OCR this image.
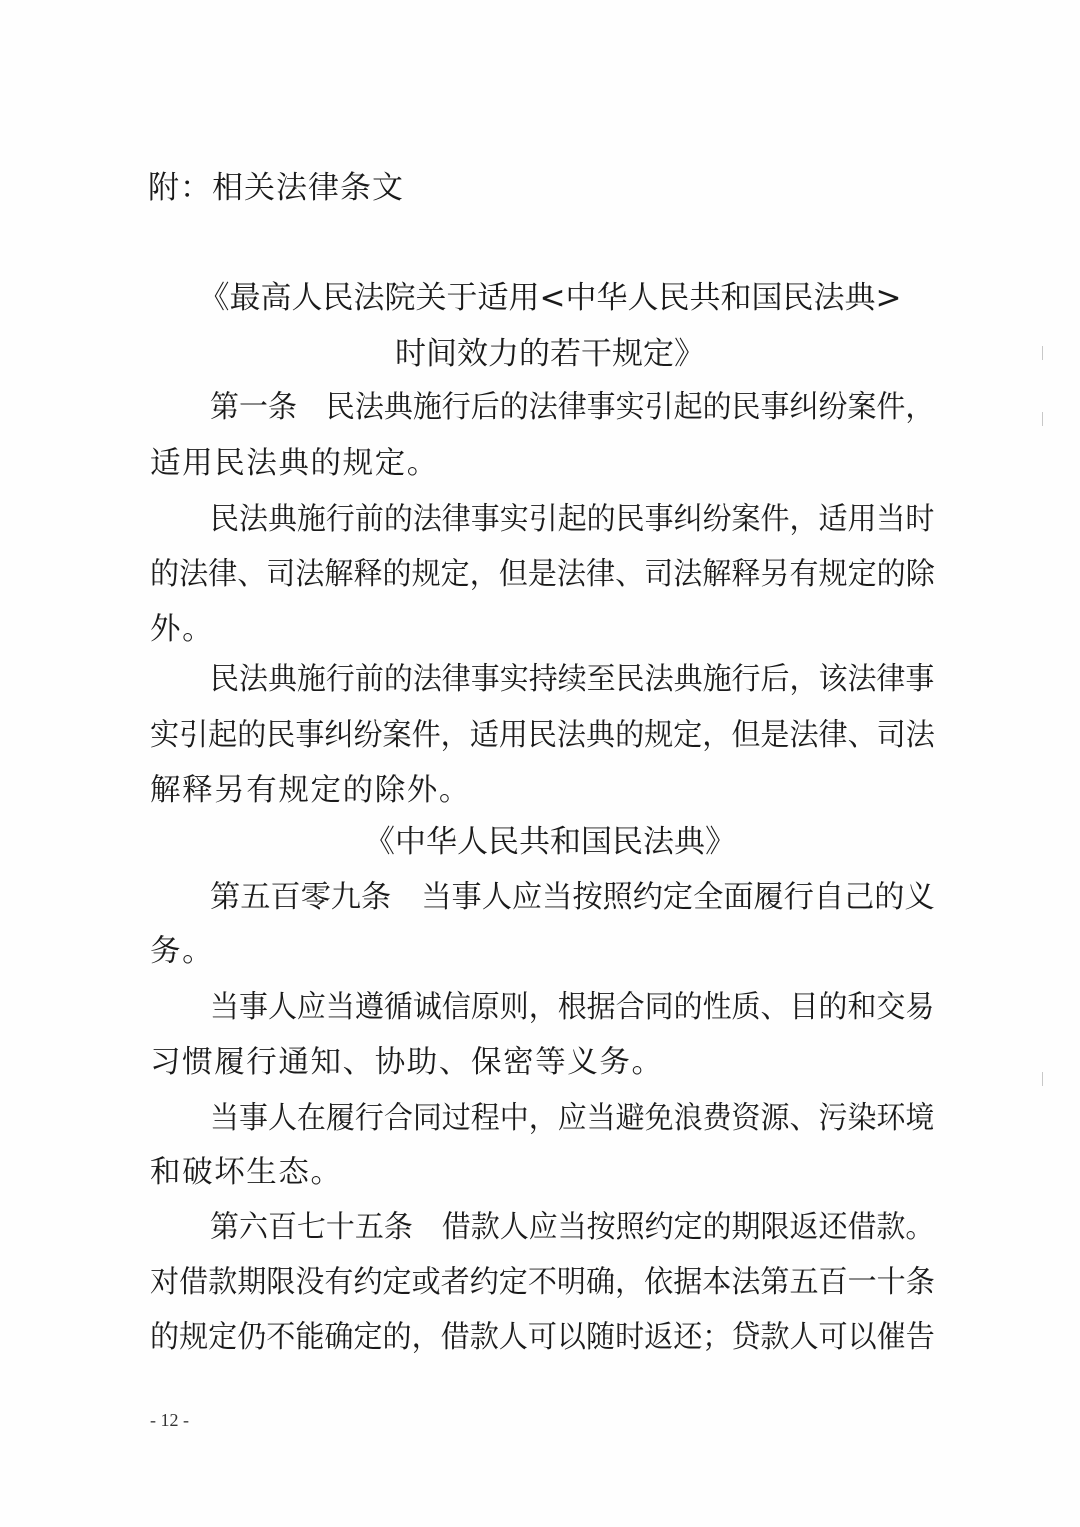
附：相关法律条文
《最高人民法院关于适用<中华人民共和国民法典>
时间效力的若干规定》
第一条　民法典施行后的法律事实引起的民事纠纷案件，
适用民法典的规定。
民法典施行前的法律事实引起的民事纠纷案件，适用当时
的法律、司法解释的规定，但是法律、司法解释另有规定的除
外。
民法典施行前的法律事实持续至民法典施行后，该法律事
实引起的民事纠纷案件，适用民法典的规定，但是法律、司法
解释另有规定的除外。
《中华人民共和国民法典》
第五百零九条　当事人应当按照约定全面履行自己的义
务。
当事人应当遵循诚信原则，根据合同的性质、目的和交易
习惯履行通知、协助、保密等义务。
当事人在履行合同过程中，应当避免浪费资源、污染环境
和破坏生态。
第六百七十五条　借款人应当按照约定的期限返还借款。
对借款期限没有约定或者约定不明确，依据本法第五百一十条
的规定仍不能确定的，借款人可以随时返还；贷款人可以催告
- 12 -
